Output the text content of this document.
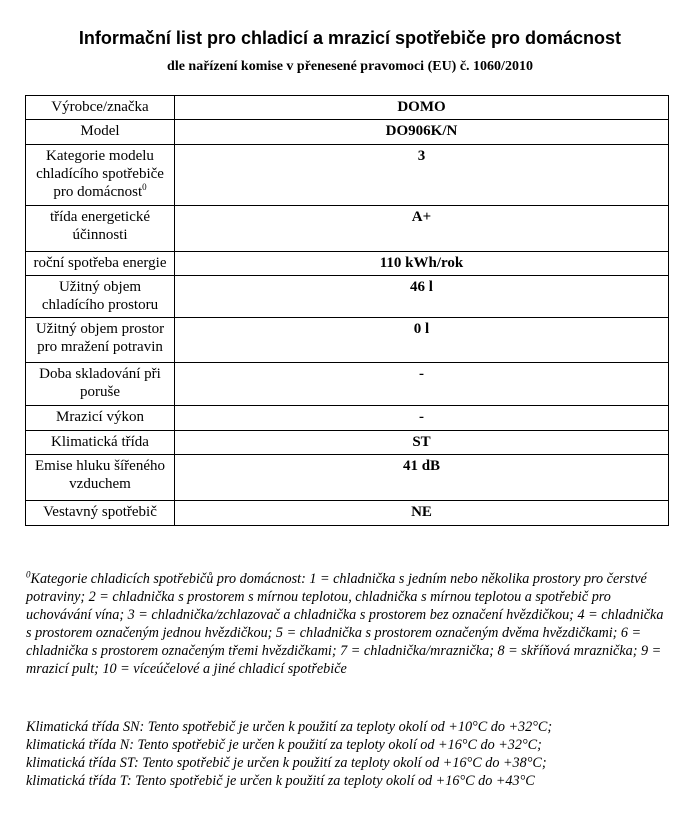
Informační list pro chladicí a mrazicí spotřebiče pro domácnost
dle nařízení komise v přenesené pravomoci (EU) č. 1060/2010
Výrobce/značka	DOMO
Model	DO906K/N
Kategorie modelu chladícího spotřebiče pro domácnost$^0$	3
třída energetické účinnosti	A+
roční spotřeba energie	110 kWh/rok
Užitný objem chladícího prostoru	46 l
Užitný objem prostor pro mražení potravin	0 l
Doba skladování při poruše	-
Mrazicí výkon	-
Klimatická třída	ST
Emise hluku šířeného vzduchem	41 dB
Vestavný spotřebič	NE
$^0$Kategorie chladicích spotřebičů pro domácnost: 1 = chladnička s jedním nebo několika prostory pro čerstvé potraviny; 2 = chladnička s prostorem s mírnou teplotou, chladnička s mírnou teplotou a spotřebič pro uchovávání vína; 3 = chladnička/zchlazovač a chladnička s prostorem bez označení hvězdičkou; 4 = chladnička s prostorem označeným jednou hvězdičkou; 5 = chladnička s prostorem označeným dvěma hvězdičkami; 6 = chladnička s prostorem označeným třemi hvězdičkami; 7 = chladnička/mraznička; 8 = skříňová mraznička; 9 = mrazicí pult; 10 = víceúčelové a jiné chladicí spotřebiče
Klimatická třída SN: Tento spotřebič je určen k použití za teploty okolí od +10°C do +32°C;
klimatická třída N: Tento spotřebič je určen k použití za teploty okolí od +16°C do +32°C;
klimatická třída ST: Tento spotřebič je určen k použití za teploty okolí od +16°C do +38°C;
klimatická třída T: Tento spotřebič je určen k použití za teploty okolí od +16°C do +43°C
